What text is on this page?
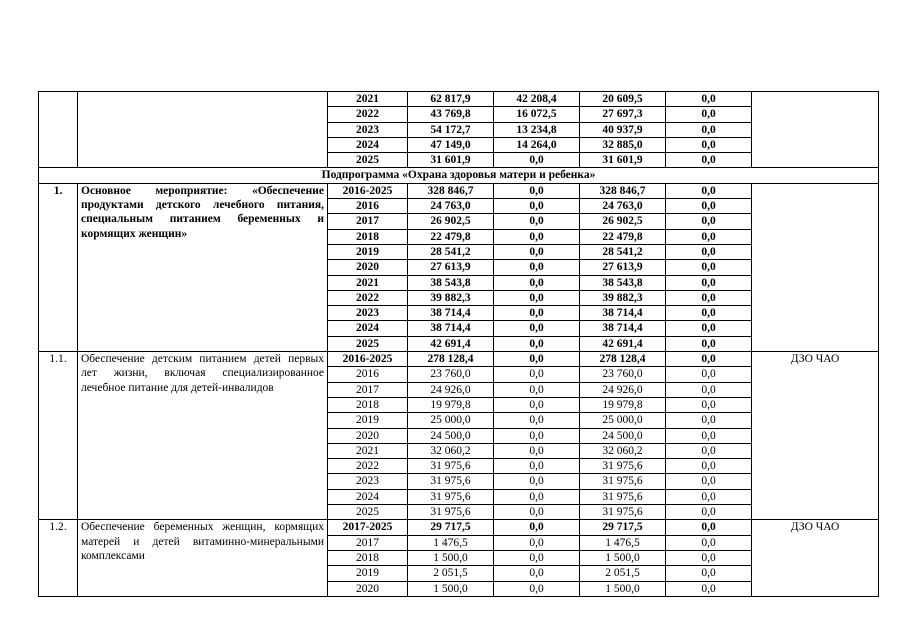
		2021	62 817,9	42 208,4	20 609,5	0,0	
		2022	43 769,8	16 072,5	27 697,3	0,0	
		2023	54 172,7	13 234,8	40 937,9	0,0	
		2024	47 149,0	14 264,0	32 885,0	0,0	
		2025	31 601,9	0,0	31 601,9	0,0	
Подпрограмма «Охрана здоровья матери и ребенка»							
1.	Основное мероприятие: «Обеспечение продуктами детского лечебного питания, специальным питанием беременных и кормящих женщин»	2016-2025	328 846,7	0,0	328 846,7	0,0	
		2016	24 763,0	0,0	24 763,0	0,0	
		2017	26 902,5	0,0	26 902,5	0,0	
		2018	22 479,8	0,0	22 479,8	0,0	
		2019	28 541,2	0,0	28 541,2	0,0	
		2020	27 613,9	0,0	27 613,9	0,0	
		2021	38 543,8	0,0	38 543,8	0,0	
		2022	39 882,3	0,0	39 882,3	0,0	
		2023	38 714,4	0,0	38 714,4	0,0	
		2024	38 714,4	0,0	38 714,4	0,0	
		2025	42 691,4	0,0	42 691,4	0,0	
1.1.	Обеспечение детским питанием детей первых лет жизни, включая специализированное лечебное питание для детей-инвалидов	2016-2025	278 128,4	0,0	278 128,4	0,0	ДЗО ЧАО
		2016	23 760,0	0,0	23 760,0	0,0	
		2017	24 926,0	0,0	24 926,0	0,0	
		2018	19 979,8	0,0	19 979,8	0,0	
		2019	25 000,0	0,0	25 000,0	0,0	
		2020	24 500,0	0,0	24 500,0	0,0	
		2021	32 060,2	0,0	32 060,2	0,0	
		2022	31 975,6	0,0	31 975,6	0,0	
		2023	31 975,6	0,0	31 975,6	0,0	
		2024	31 975,6	0,0	31 975,6	0,0	
		2025	31 975,6	0,0	31 975,6	0,0	
1.2.	Обеспечение беременных женщин, кормящих матерей и детей витаминно-минеральными комплексами	2017-2025	29 717,5	0,0	29 717,5	0,0	ДЗО ЧАО
		2017	1 476,5	0,0	1 476,5	0,0	
		2018	1 500,0	0,0	1 500,0	0,0	
		2019	2 051,5	0,0	2 051,5	0,0	
		2020	1 500,0	0,0	1 500,0	0,0	
